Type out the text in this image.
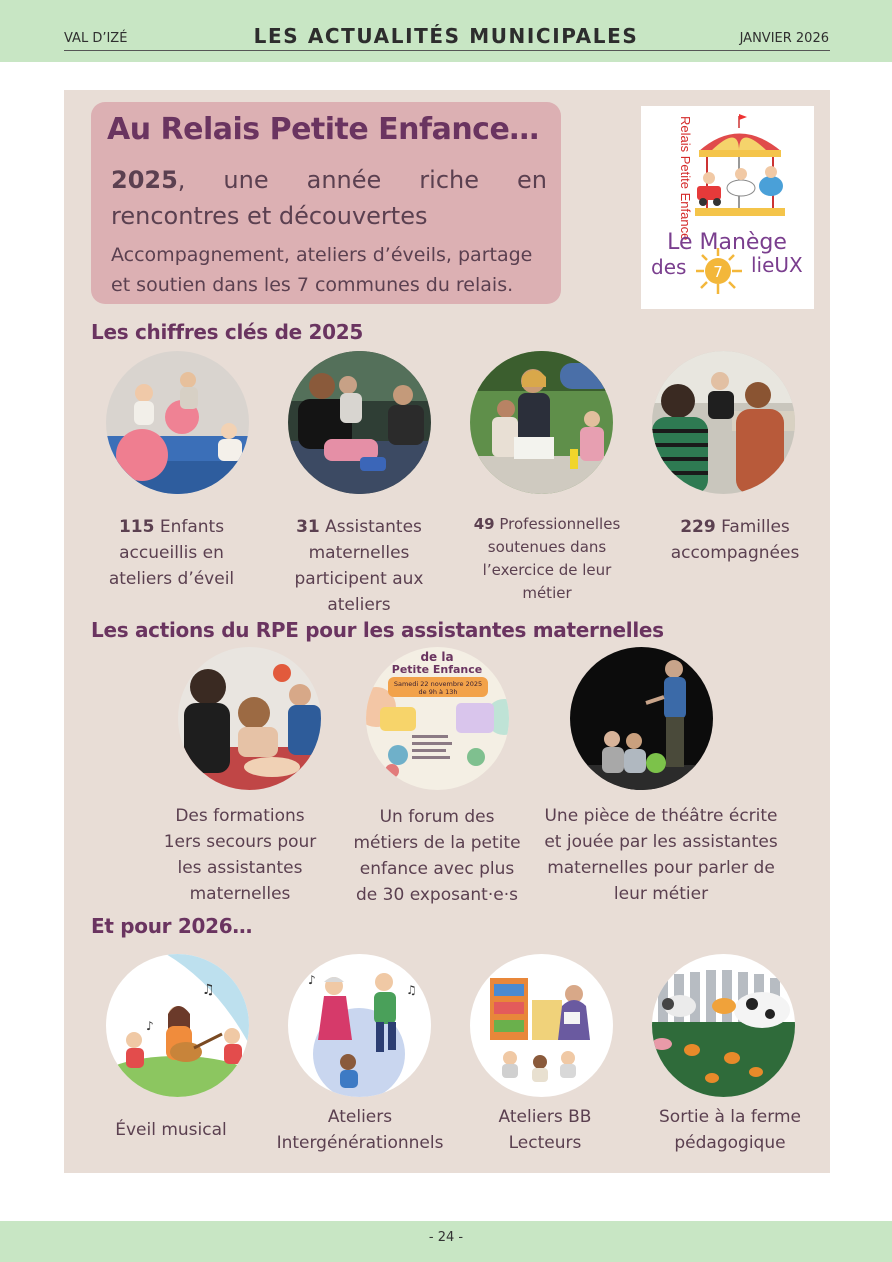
VAL D’IZÉ	LES ACTUALITÉS MUNICIPALES	JANVIER 2026
Au Relais Petite Enfance…
2025, une année riche en rencontres et découvertes
Accompagnement, ateliers d’éveils, partage et soutien dans les 7 communes du relais.
Relais Petite Enfance
Le Manège
des	lieUX
7
Les chiffres clés de 2025
115 Enfants accueillis en ateliers d’éveil
31 Assistantes maternelles participent aux ateliers
49 Professionnelles soutenues dans l’exercice de leur métier
229 Familles accompagnées
Les actions du RPE pour les assistantes maternelles
de la
Petite Enfance
Samedi 22 novembre 2025
de 9h à 13h
Des formations 1ers secours pour les assistantes maternelles
Un forum des métiers de la petite enfance avec plus de 30 exposant·e·s
Une pièce de théâtre écrite et jouée par les assistantes maternelles pour parler de leur métier
Et pour 2026…
♫
♪
♪
♫
Éveil musical
Ateliers Intergénérationnels
Ateliers BB Lecteurs
Sortie à la ferme pédagogique
- 24 -
